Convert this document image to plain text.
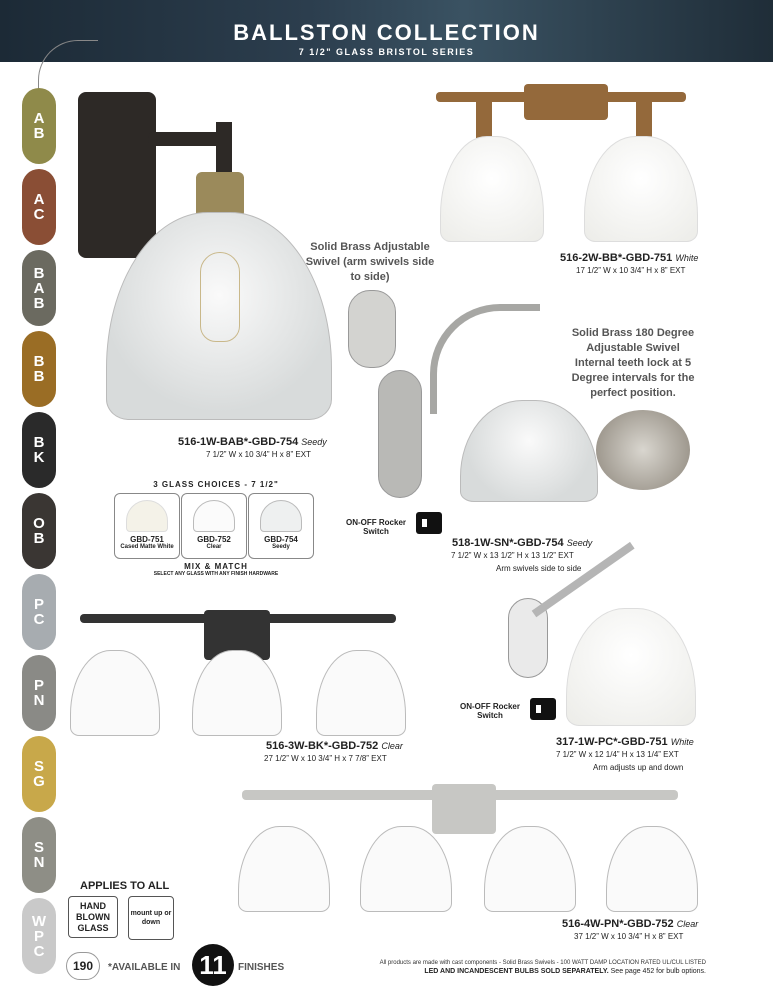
BALLSTON COLLECTION
7 1/2" GLASS BRISTOL SERIES
A
B
A
C
B
A
B
B
B
B
K
O
B
P
C
P
N
S
G
S
N
W
P
C
516-1W-BAB*-GBD-754 Seedy
7 1/2” W x 10 3/4” H x 8” EXT
Solid Brass Adjustable Swivel (arm swivels side to side)
516-2W-BB*-GBD-751 White
17 1/2” W x 10 3/4” H x 8” EXT
Solid Brass 180 Degree Adjustable Swivel Internal teeth lock at 5 Degree intervals for the perfect position.
ON-OFF Rocker Switch
518-1W-SN*-GBD-754 Seedy
7 1/2” W x 13 1/2” H x 13 1/2” EXT
Arm swivels side to side
3 GLASS CHOICES - 7 1/2"
GBD-751
Cased Matte White
GBD-752
Clear
GBD-754
Seedy
MIX & MATCH
SELECT ANY GLASS WITH ANY FINISH HARDWARE
516-3W-BK*-GBD-752 Clear
27 1/2” W x 10 3/4” H x 7 7/8” EXT
ON-OFF Rocker Switch
317-1W-PC*-GBD-751 White
7 1/2” W x 12 1/4” H x 13 1/4” EXT
Arm adjusts up and down
516-4W-PN*-GBD-752 Clear
37 1/2” W x 10 3/4” H x 8” EXT
APPLIES TO ALL
HAND BLOWN GLASS
mount up or down
190	*AVAILABLE IN 11	FINISHES	All products are made with cast components - Solid Brass Swivels - 100 WATT DAMP LOCATION RATED UL/CUL LISTED
LED AND INCANDESCENT BULBS SOLD SEPARATELY. See page 452 for bulb options.
